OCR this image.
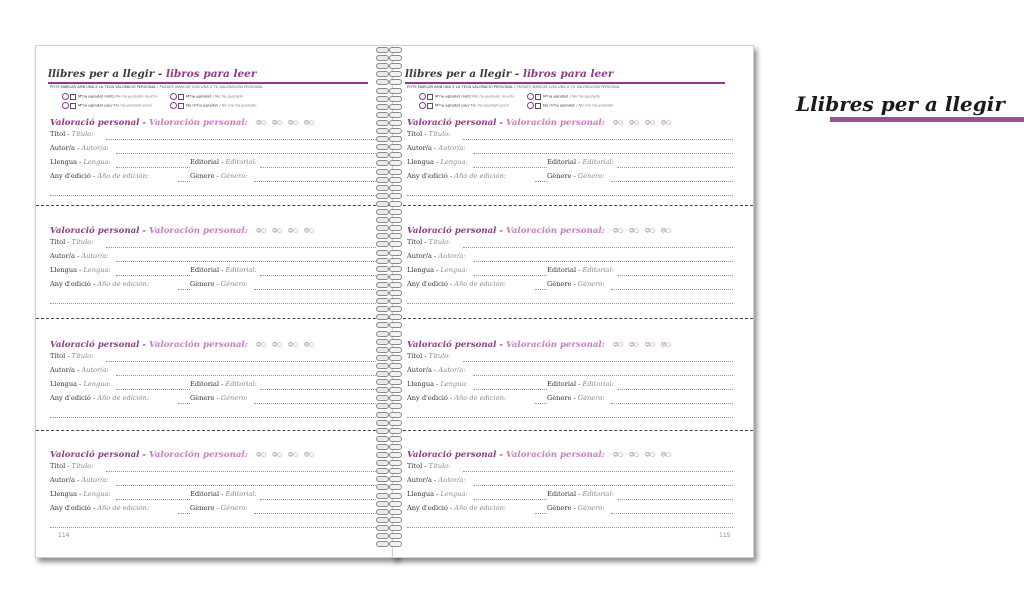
Llibres per a llegir
llibres per a llegir - libros para leer
POTS MARCAR AMB UNA X LA TEUA VALORACIÓ PERSONAL / PUEDES MARCAR CON UNA X TU VALORACIÓN PERSONAL
M'ha agradat molt/ Me ha gustado mucho	M'ha agradat / Me ha gustado
M'ha agradat poc/ Me ha gustado poco	No m'ha agradat / No me ha gustado
Valoració personal - Valoración personal: ☺▢ ☺▢ ☺▢ ☹▢
Títol - Título:
Autor/a - Autor/a:
Llengua - Lengua:	Editorial - Editorial:
Any d'edició - Año de edición:	Gènere - Género:
Valoració personal - Valoración personal: ☺▢ ☺▢ ☺▢ ☹▢
Títol - Título:
Autor/a - Autor/a:
Llengua - Lengua:	Editorial - Editorial:
Any d'edició - Año de edición:	Gènere - Género:
Valoració personal - Valoración personal: ☺▢ ☺▢ ☺▢ ☹▢
Títol - Título:
Autor/a - Autor/a:
Llengua - Lengua:	Editorial - Editorial:
Any d'edició - Año de edición:	Gènere - Género:
Valoració personal - Valoración personal: ☺▢ ☺▢ ☺▢ ☹▢
Títol - Título:
Autor/a - Autor/a:
Llengua - Lengua:	Editorial - Editorial:
Any d'edició - Año de edición:	Gènere - Género:
114
llibres per a llegir - libros para leer
POTS MARCAR AMB UNA X LA TEUA VALORACIÓ PERSONAL / PUEDES MARCAR CON UNA X TU VALORACIÓN PERSONAL
M'ha agradat molt/ Me ha gustado mucho	M'ha agradat / Me ha gustado
M'ha agradat poc/ Me ha gustado poco	No m'ha agradat / No me ha gustado
Valoració personal - Valoración personal: ☺▢ ☺▢ ☺▢ ☹▢
Títol - Título:
Autor/a - Autor/a:
Llengua - Lengua:	Editorial - Editorial:
Any d'edició - Año de edición:	Gènere - Género:
Valoració personal - Valoración personal: ☺▢ ☺▢ ☺▢ ☹▢
Títol - Título:
Autor/a - Autor/a:
Llengua - Lengua:	Editorial - Editorial:
Any d'edició - Año de edición:	Gènere - Género:
Valoració personal - Valoración personal: ☺▢ ☺▢ ☺▢ ☹▢
Títol - Título:
Autor/a - Autor/a:
Llengua - Lengua:	Editorial - Editorial:
Any d'edició - Año de edición:	Gènere - Género:
Valoració personal - Valoración personal: ☺▢ ☺▢ ☺▢ ☹▢
Títol - Título:
Autor/a - Autor/a:
Llengua - Lengua:	Editorial - Editorial:
Any d'edició - Año de edición:	Gènere - Género:
115
